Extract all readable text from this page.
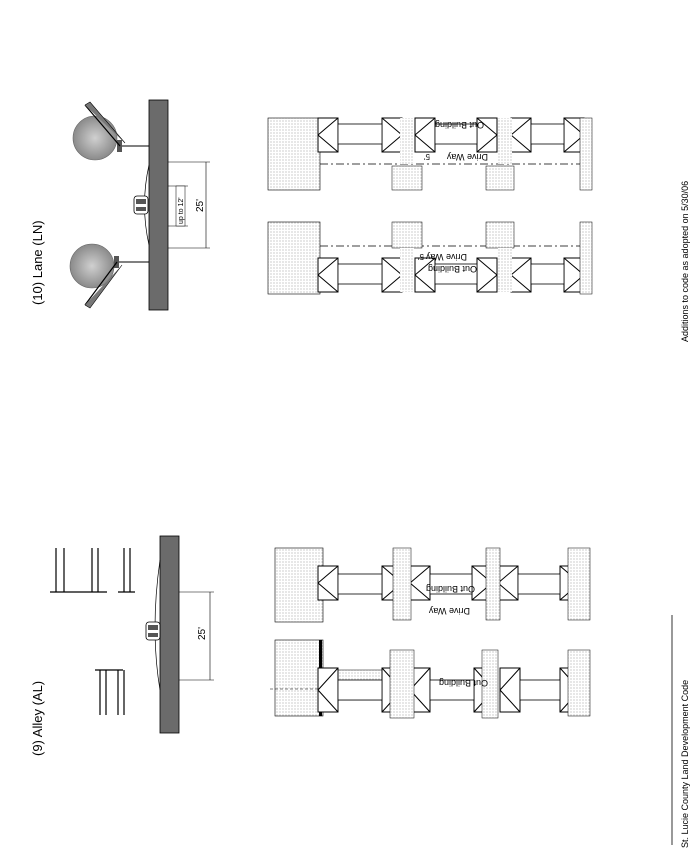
(9) Alley (AL)
25'
Out Building
Out Building
Drive Way
(10) Lane (LN)
up to 12' 25'
Out Building
Drive Way
5'
Out Building
Drive Way
5'
St. Lucie County Land Development Code
Additions to code as adopted on 5/30/06
